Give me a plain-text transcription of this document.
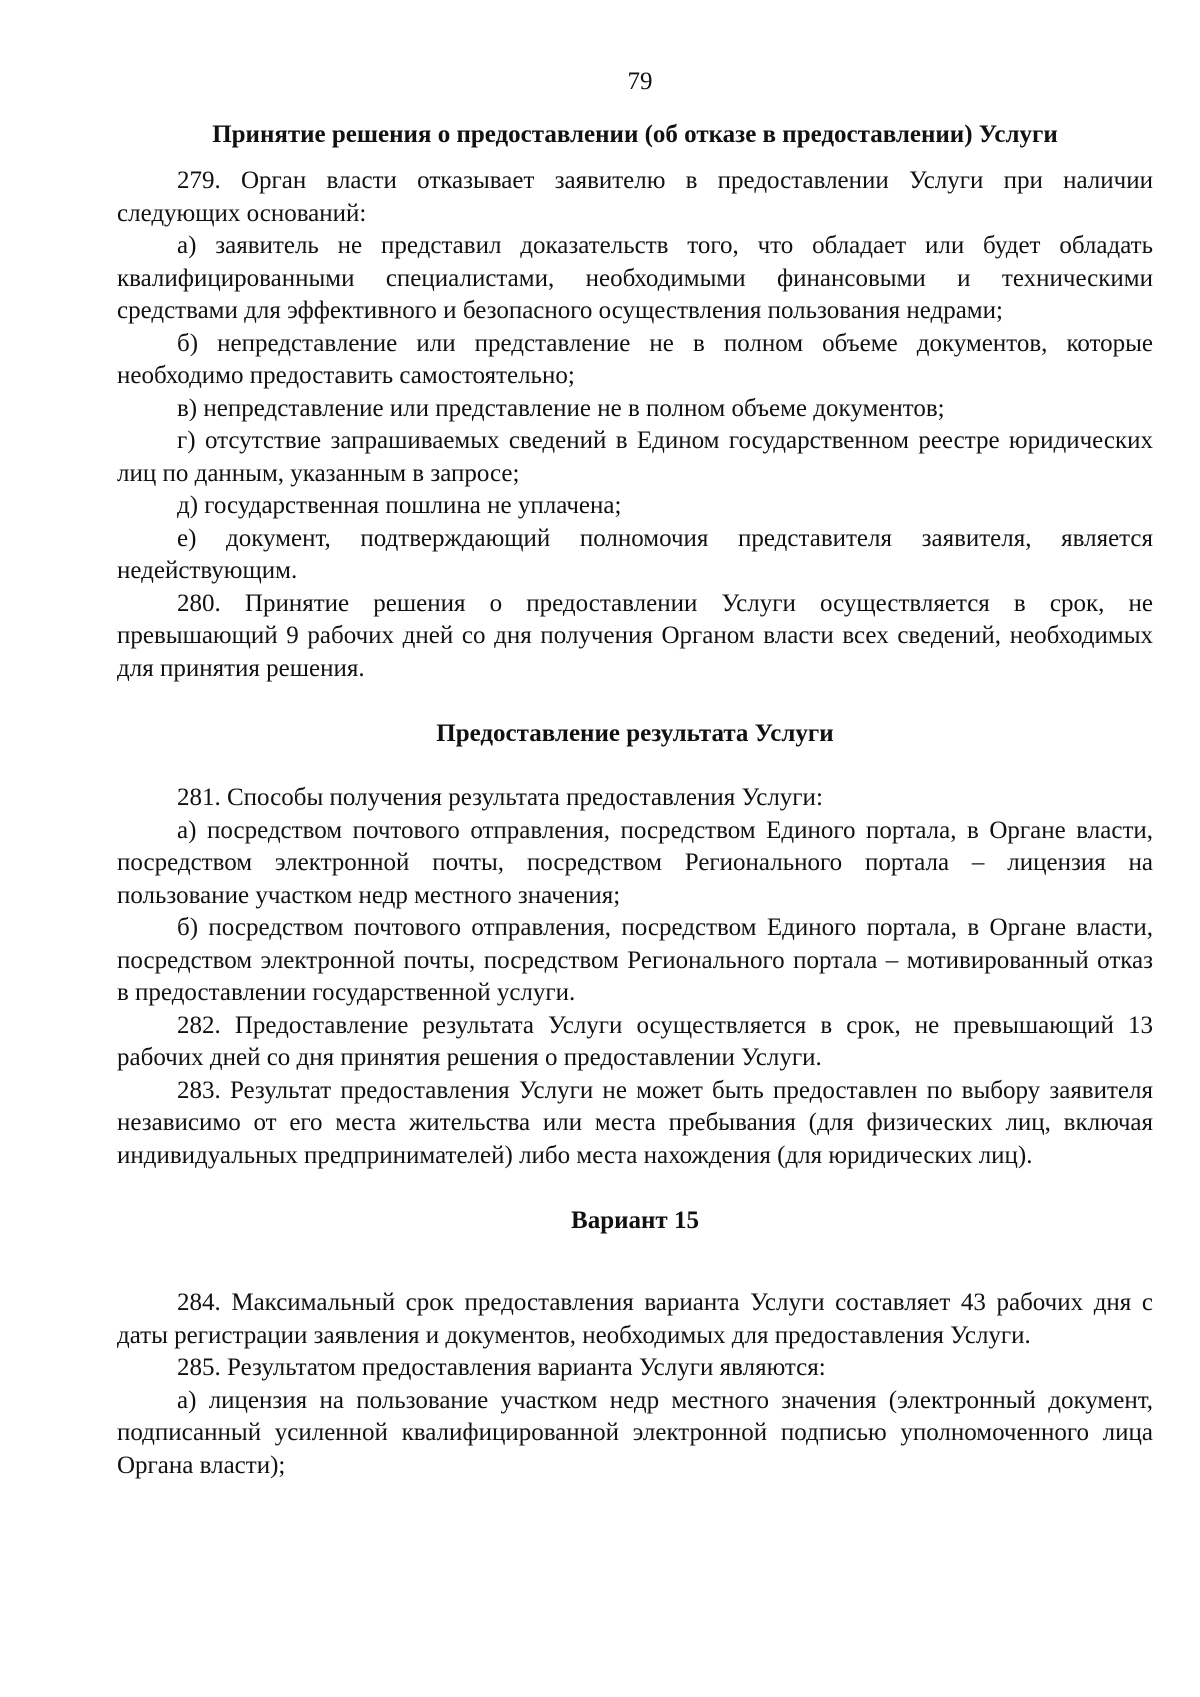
79
Принятие решения о предоставлении (об отказе в предоставлении) Услуги

279. Орган власти отказывает заявителю в предоставлении Услуги при наличии следующих оснований:

а) заявитель не представил доказательств того, что обладает или будет обладать квалифицированными специалистами, необходимыми финансовыми и техническими средствами для эффективного и безопасного осуществления пользования недрами;

б) непредставление или представление не в полном объеме документов, которые необходимо предоставить самостоятельно;

в) непредставление или представление не в полном объеме документов;

г) отсутствие запрашиваемых сведений в Едином государственном реестре юридических лиц по данным, указанным в запросе;

д) государственная пошлина не уплачена;

е) документ, подтверждающий полномочия представителя заявителя, является недействующим.

280. Принятие решения о предоставлении Услуги осуществляется в срок, не превышающий 9 рабочих дней со дня получения Органом власти всех сведений, необходимых для принятия решения.

Предоставление результата Услуги

281. Способы получения результата предоставления Услуги:

а) посредством почтового отправления, посредством Единого портала, в Органе власти, посредством электронной почты, посредством Регионального портала – лицензия на пользование участком недр местного значения;

б) посредством почтового отправления, посредством Единого портала, в Органе власти, посредством электронной почты, посредством Регионального портала – мотивированный отказ в предоставлении государственной услуги.

282. Предоставление результата Услуги осуществляется в срок, не превышающий 13 рабочих дней со дня принятия решения о предоставлении Услуги.

283. Результат предоставления Услуги не может быть предоставлен по выбору заявителя независимо от его места жительства или места пребывания (для физических лиц, включая индивидуальных предпринимателей) либо места нахождения (для юридических лиц).

Вариант 15

284. Максимальный срок предоставления варианта Услуги составляет 43 рабочих дня с даты регистрации заявления и документов, необходимых для предоставления Услуги.

285. Результатом предоставления варианта Услуги являются:

а) лицензия на пользование участком недр местного значения (электронный документ, подписанный усиленной квалифицированной электронной подписью уполномоченного лица Органа власти);
